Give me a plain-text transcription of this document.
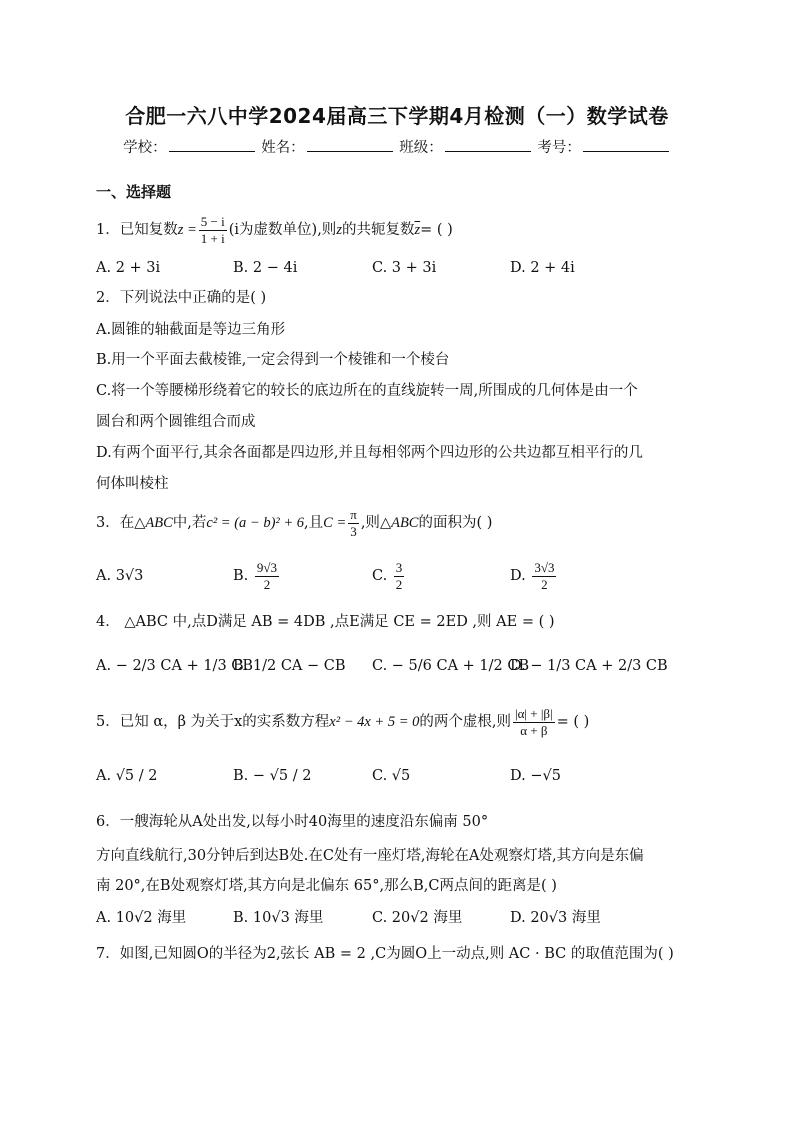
合肥一六八中学2024届高三下学期4月检测（一）数学试卷
学校：	姓名：	班级：	考号：
一、选择题
1．已知复数$z = \frac{5 - i}{1 + i} (i$为虚数单位),则z的共轭复数$\overline{z}=$ ( )
A. 2 + 3i	B. 2 − 4i	C. 3 + 3i	D. 2 + 4i
2．下列说法中正确的是( )
A.圆锥的轴截面是等边三角形
B.用一个平面去截棱锥,一定会得到一个棱锥和一个棱台
C.将一个等腰梯形绕着它的较长的底边所在的直线旋转一周,所围成的几何体是由一个
圆台和两个圆锥组合而成
D.有两个面平行,其余各面都是四边形,并且每相邻两个四边形的公共边都互相平行的几
何体叫棱柱
3．在△ABC中,若c² = (a − b)² + 6,且$C = \frac{\pi}{3}$ ,则△ABC的面积为( )
A. 3√3	B. $\frac{9√3}{2}$	C. $\frac{3}{2}$	D. $\frac{3√3}{2}$
4． △ABC 中,点D满足 AB = 4DB ,点E满足 CE = 2ED ,则 AE = ( )
A. − 2/3 CA + 1/3 CB
B. 1/2 CA − CB C. − 5/6 CA + 1/2 CB
D. − 1/3 CA + 2/3 CB
5．已知 α，β 为关于x的实系数方程x² − 4x + 5 = 0的两个虚根,则 $\frac{|\alpha| + |\beta|}{\alpha + \beta}$ = ( )
A. √5 / 2	B. − √5 / 2	C. √5	D. −√5
6．一艘海轮从A处出发,以每小时40海里的速度沿东偏南 50°
方向直线航行,30分钟后到达B处.在C处有一座灯塔,海轮在A处观察灯塔,其方向是东偏
南 20°,在B处观察灯塔,其方向是北偏东 65°,那么B,C两点间的距离是( )
A. 10√2 海里	B. 10√3 海里	C. 20√2 海里	D. 20√3 海里
7．如图,已知圆O的半径为2,弦长 AB = 2 ,C为圆O上一动点,则 AC · BC 的取值范围为( )
